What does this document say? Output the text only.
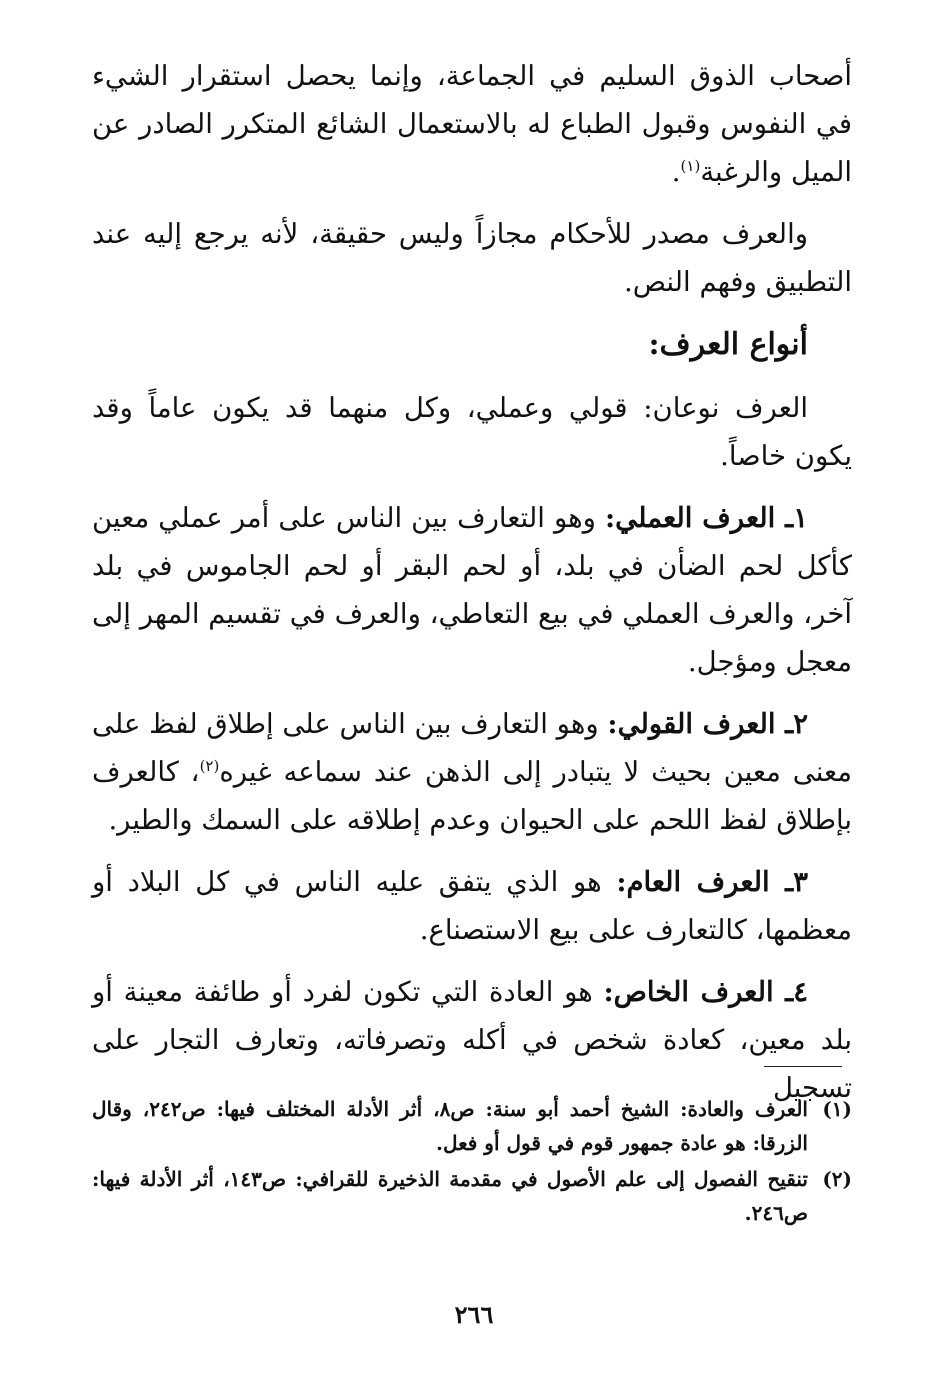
أصحاب الذوق السليم في الجماعة، وإنما يحصل استقرار الشيء في النفوس وقبول الطباع له بالاستعمال الشائع المتكرر الصادر عن الميل والرغبة$^{(١)}$.
والعرف مصدر للأحكام مجازاً وليس حقيقة، لأنه يرجع إليه عند التطبيق وفهم النص.
أنواع العرف:
العرف نوعان: قولي وعملي، وكل منهما قد يكون عاماً وقد يكون خاصاً.
١ـ العرف العملي: وهو التعارف بين الناس على أمر عملي معين كأكل لحم الضأن في بلد، أو لحم البقر أو لحم الجاموس في بلد آخر، والعرف العملي في بيع التعاطي، والعرف في تقسيم المهر إلى معجل ومؤجل.
٢ـ العرف القولي: وهو التعارف بين الناس على إطلاق لفظ على معنى معين بحيث لا يتبادر إلى الذهن عند سماعه غيره$^{(٢)}$، كالعرف بإطلاق لفظ اللحم على الحيوان وعدم إطلاقه على السمك والطير.
٣ـ العرف العام: هو الذي يتفق عليه الناس في كل البلاد أو معظمها، كالتعارف على بيع الاستصناع.
٤ـ العرف الخاص: هو العادة التي تكون لفرد أو طائفة معينة أو بلد معين، كعادة شخص في أكله وتصرفاته، وتعارف التجار على تسجيل
(١)
العرف والعادة: الشيخ أحمد أبو سنة: ص٨، أثر الأدلة المختلف فيها: ص٢٤٢، وقال الزرقا: هو عادة جمهور قوم في قول أو فعل.
(٢)
تنقيح الفصول إلى علم الأصول في مقدمة الذخيرة للقرافي: ص١٤٣، أثر الأدلة فيها: ص٢٤٦.
٢٦٦
